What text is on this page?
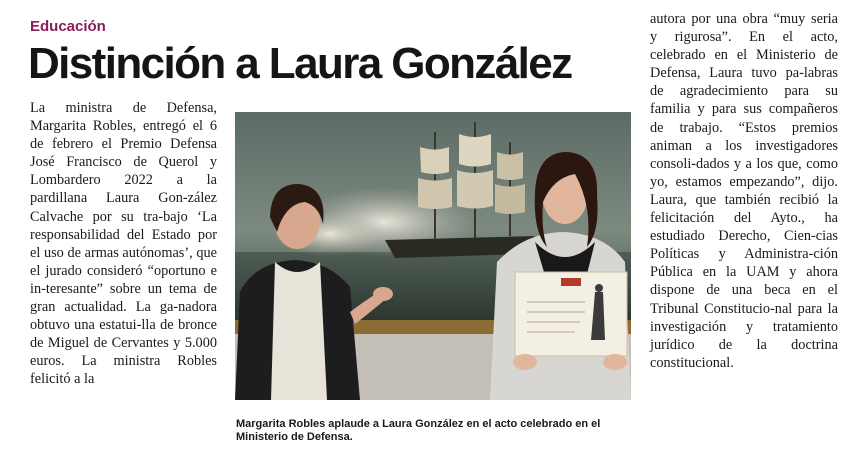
Educación
Distinción a Laura González

La ministra de Defensa, Margarita Robles, entregó el 6 de febrero el Premio Defensa José Francisco de Querol y Lombardero 2022 a la pardillana Laura Gon-zález Calvache por su tra-bajo ‘La responsabilidad del Estado por el uso de armas autónomas’, que el jurado consideró “oportuno e in-teresante” sobre un tema de gran actualidad. La ga-nadora obtuvo una estatui-lla de bronce de Miguel de Cervantes y 5.000 euros. La ministra Robles felicitó a la

Margarita Robles aplaude a Laura González en el acto celebrado en el Ministerio de Defensa.

autora por una obra “muy seria y rigurosa”. En el acto, celebrado en el Ministerio de Defensa, Laura tuvo pa-labras de agradecimiento para su familia y para sus compañeros de trabajo. “Estos premios animan a los investigadores consoli-dados y a los que, como yo, estamos empezando”, dijo. Laura, que también recibió la felicitación del Ayto., ha estudiado Derecho, Cien-cias Políticas y Administra-ción Pública en la UAM y ahora dispone de una beca en el Tribunal Constitucio-nal para la investigación y tratamiento jurídico de la doctrina constitucional.
